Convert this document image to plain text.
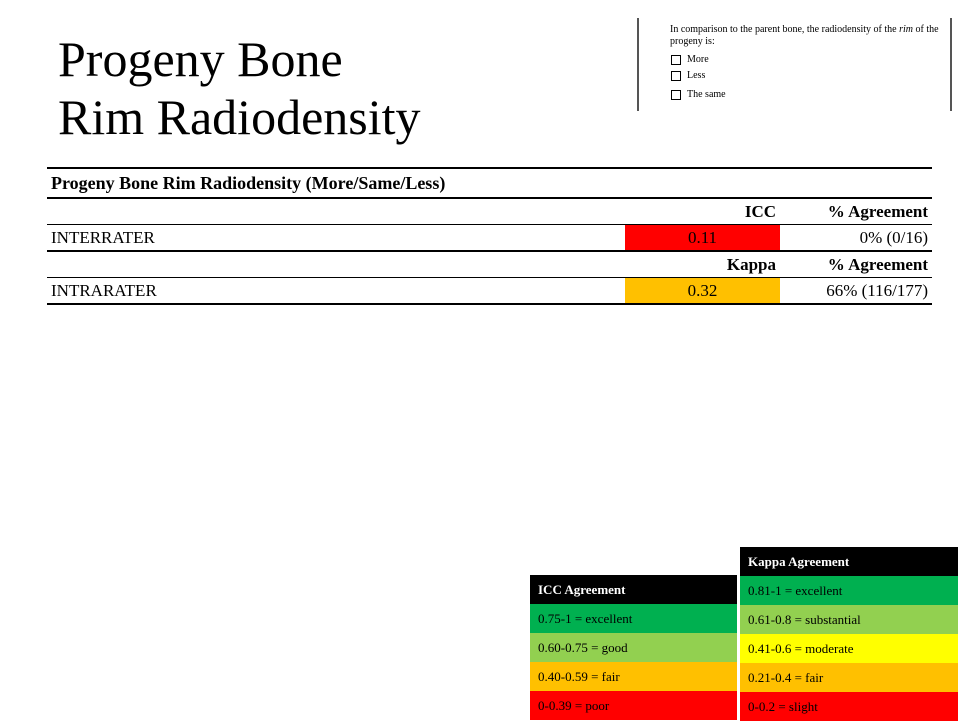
Progeny Bone
Rim Radiodensity
In comparison to the parent bone, the radiodensity of the rim of the progeny is:
More
Less
The same
Progeny Bone Rim Radiodensity (More/Same/Less)		
	ICC	% Agreement
INTERRATER	0.11	0% (0/16)
	Kappa	% Agreement
INTRARATER	0.32	66% (116/177)
ICC Agreement
0.75-1 = excellent
0.60-0.75 = good
0.40-0.59 = fair
0-0.39 = poor
Kappa Agreement
0.81-1 = excellent
0.61-0.8 = substantial
0.41-0.6 = moderate
0.21-0.4 = fair
0-0.2 = slight
